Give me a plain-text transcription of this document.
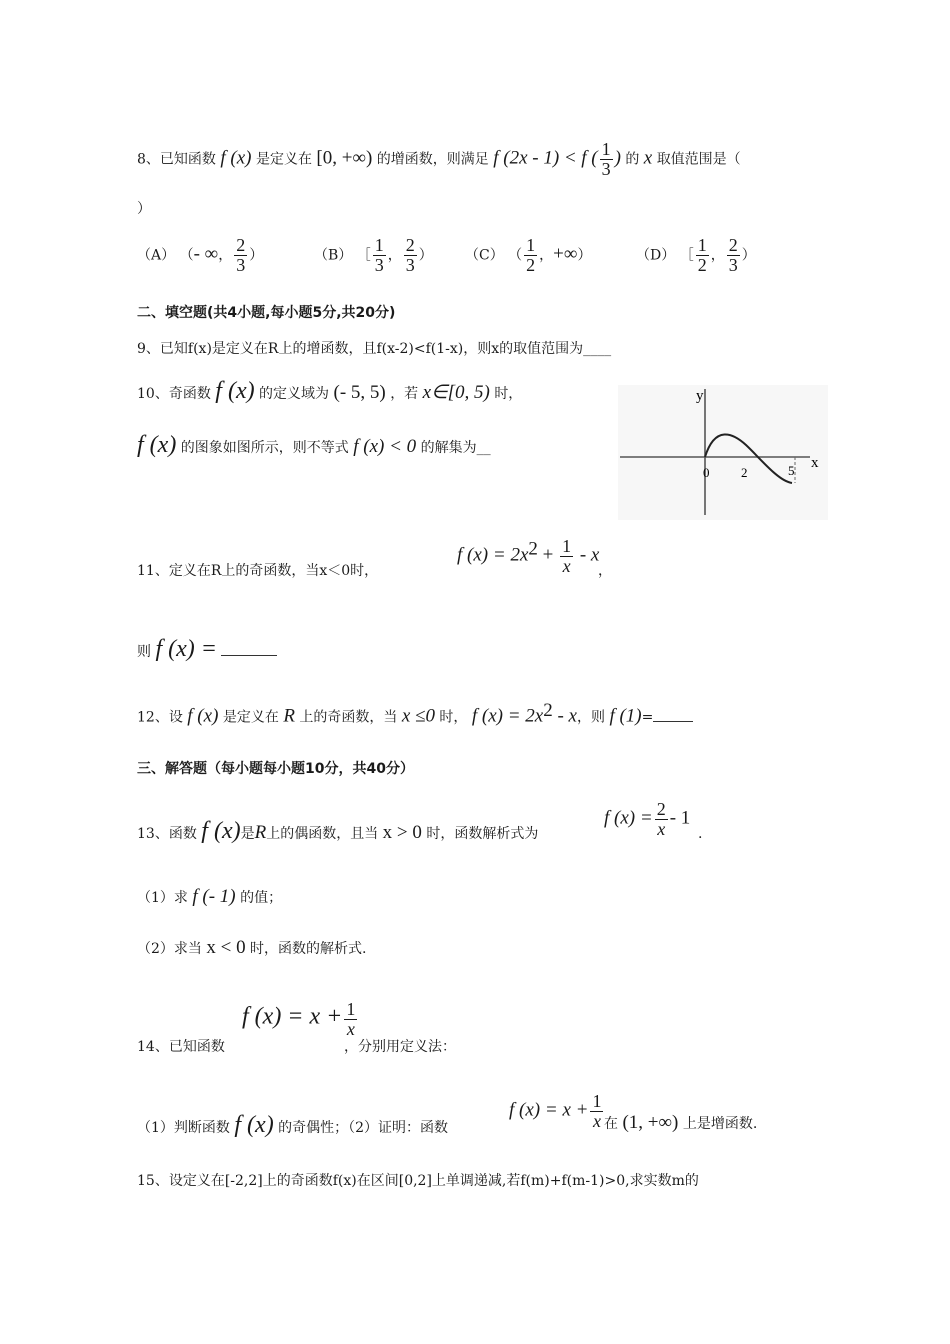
8、已知函数 f (x) 是定义在 [0, +∞) 的增函数，则满足 f (2x - 1) < f ( $\frac{1}{3}$ ) 的 x 取值范围是（
）
（A） （- ∞， $\frac{2}{3}$ ）	（B） ［ $\frac{1}{3}$ ， $\frac{2}{3}$ ） （C） （ $\frac{1}{2}$ ，+∞）	（D） ［ $\frac{1}{2}$ ， $\frac{2}{3}$ ）
二、填空题(共4小题,每小题5分,共20分)
9、已知f(x)是定义在R上的增函数，且f(x-2)<f(1-x)，则x的取值范围为____
10、奇函数 f (x) 的定义域为 (- 5, 5) ，若 x∈[0, 5) 时，
f (x) 的图象如图所示，则不等式 f (x) < 0 的解集为__
y
x
0 2	5
f $(x) = 2x^2 + \frac{1}{x} - x$
，
11、定义在R上的奇函数，当x＜0时，
则 f (x) =
12、设 f (x) 是定义在 R 上的奇函数，当 x ≤0 时， f $(x) = 2x^2 - x$，则 f (1)=
三、解答题（每小题每小题10分，共40分）
f $(x) = \frac{2}{x} - 1$
.
13、函数 f (x)是R上的偶函数，且当 x > 0 时，函数解析式为
（1）求 f (- 1) 的值；
（2）求当 x < 0 时，函数的解析式.
f $(x) = x + \frac{1}{x}$
14、已知函数	，分别用定义法：
（1）判断函数 f (x) 的奇偶性；（2）证明：函数
f $(x) = x + \frac{1}{x}$ 在 (1, +∞) 上是增函数.
15、设定义在[-2,2]上的奇函数f(x)在区间[0,2]上单调递减,若f(m)+f(m-1)>0,求实数m的
